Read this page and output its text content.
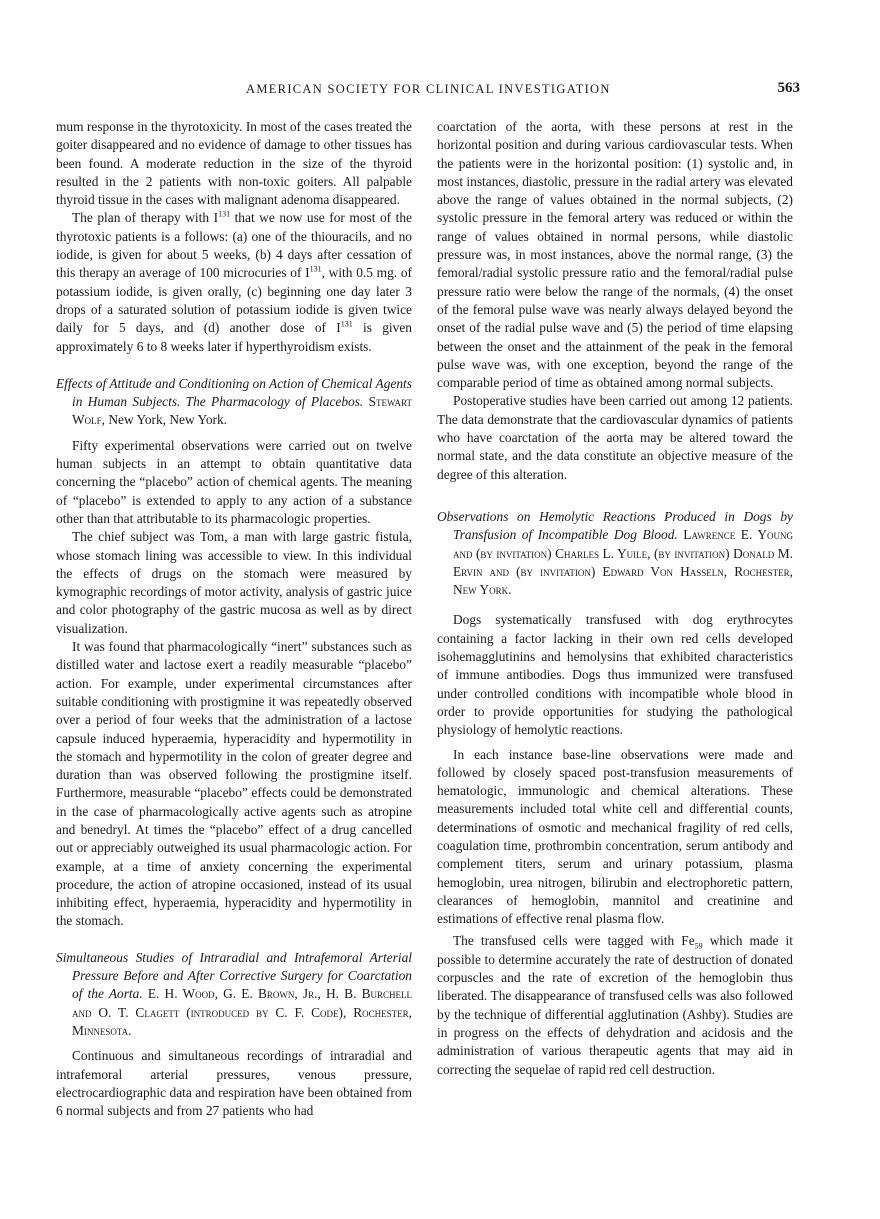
AMERICAN SOCIETY FOR CLINICAL INVESTIGATION	563

mum response in the thyrotoxicity. In most of the cases treated the goiter disappeared and no evidence of damage to other tissues has been found. A moderate reduction in the size of the thyroid resulted in the 2 patients with non-toxic goiters. All palpable thyroid tissue in the cases with malignant adenoma disappeared.

The plan of therapy with $I^{131}$ that we now use for most of the thyrotoxic patients is a follows: (a) one of the thiouracils, and no iodide, is given for about 5 weeks, (b) 4 days after cessation of this therapy an average of 100 microcuries of $I^{131}$, with 0.5 mg. of potassium iodide, is given orally, (c) beginning one day later 3 drops of a saturated solution of potassium iodide is given twice daily for 5 days, and (d) another dose of $I^{131}$ is given approximately 6 to 8 weeks later if hyperthyroidism exists.

Effects of Attitude and Conditioning on Action of Chemical Agents in Human Subjects. The Pharmacology of Placebos. Stewart Wolf, New York, New York.

Fifty experimental observations were carried out on twelve human subjects in an attempt to obtain quantitative data concerning the “placebo” action of chemical agents. The meaning of “placebo” is extended to apply to any action of a substance other than that attributable to its pharmacologic properties.

The chief subject was Tom, a man with large gastric fistula, whose stomach lining was accessible to view. In this individual the effects of drugs on the stomach were measured by kymographic recordings of motor activity, analysis of gastric juice and color photography of the gastric mucosa as well as by direct visualization.

It was found that pharmacologically “inert” substances such as distilled water and lactose exert a readily measurable “placebo” action. For example, under experimental circumstances after suitable conditioning with prostigmine it was repeatedly observed over a period of four weeks that the administration of a lactose capsule induced hyperaemia, hyperacidity and hypermotility in the stomach and hypermotility in the colon of greater degree and duration than was observed following the prostigmine itself. Furthermore, measurable “placebo” effects could be demonstrated in the case of pharmacologically active agents such as atropine and benedryl. At times the “placebo” effect of a drug cancelled out or appreciably outweighed its usual pharmacologic action. For example, at a time of anxiety concerning the experimental procedure, the action of atropine occasioned, instead of its usual inhibiting effect, hyperaemia, hyperacidity and hypermotility in the stomach.

Simultaneous Studies of Intraradial and Intrafemoral Arterial Pressure Before and After Corrective Surgery for Coarctation of the Aorta. E. H. Wood, G. E. Brown, Jr., H. B. Burchell and O. T. Clagett (introduced by C. F. Code), Rochester, Minnesota.

Continuous and simultaneous recordings of intraradial and intrafemoral arterial pressures, venous pressure, electrocardiographic data and respiration have been obtained from 6 normal subjects and from 27 patients who had

coarctation of the aorta, with these persons at rest in the horizontal position and during various cardiovascular tests. When the patients were in the horizontal position: (1) systolic and, in most instances, diastolic, pressure in the radial artery was elevated above the range of values obtained in the normal subjects, (2) systolic pressure in the femoral artery was reduced or within the range of values obtained in normal persons, while diastolic pressure was, in most instances, above the normal range, (3) the femoral/radial systolic pressure ratio and the femoral/radial pulse pressure ratio were below the range of the normals, (4) the onset of the femoral pulse wave was nearly always delayed beyond the onset of the radial pulse wave and (5) the period of time elapsing between the onset and the attainment of the peak in the femoral pulse wave was, with one exception, beyond the range of the comparable period of time as obtained among normal subjects.

Postoperative studies have been carried out among 12 patients. The data demonstrate that the cardiovascular dynamics of patients who have coarctation of the aorta may be altered toward the normal state, and the data constitute an objective measure of the degree of this alteration.

Observations on Hemolytic Reactions Produced in Dogs by Transfusion of Incompatible Dog Blood. Lawrence E. Young and (by invitation) Charles L. Yuile, (by invitation) Donald M. Ervin and (by invitation) Edward Von Hasseln, Rochester, New York.

Dogs systematically transfused with dog erythrocytes containing a factor lacking in their own red cells developed isohemagglutinins and hemolysins that exhibited characteristics of immune antibodies. Dogs thus immunized were transfused under controlled conditions with incompatible whole blood in order to provide opportunities for studying the pathological physiology of hemolytic reactions.

In each instance base-line observations were made and followed by closely spaced post-transfusion measurements of hematologic, immunologic and chemical alterations. These measurements included total white cell and differential counts, determinations of osmotic and mechanical fragility of red cells, coagulation time, prothrombin concentration, serum antibody and complement titers, serum and urinary potassium, plasma hemoglobin, urea nitrogen, bilirubin and electrophoretic pattern, clearances of hemoglobin, mannitol and creatinine and estimations of effective renal plasma flow.

The transfused cells were tagged with $Fe_{59}$ which made it possible to determine accurately the rate of destruction of donated corpuscles and the rate of excretion of the hemoglobin thus liberated. The disappearance of transfused cells was also followed by the technique of differential agglutination (Ashby). Studies are in progress on the effects of dehydration and acidosis and the administration of various therapeutic agents that may aid in correcting the sequelae of rapid red cell destruction.
